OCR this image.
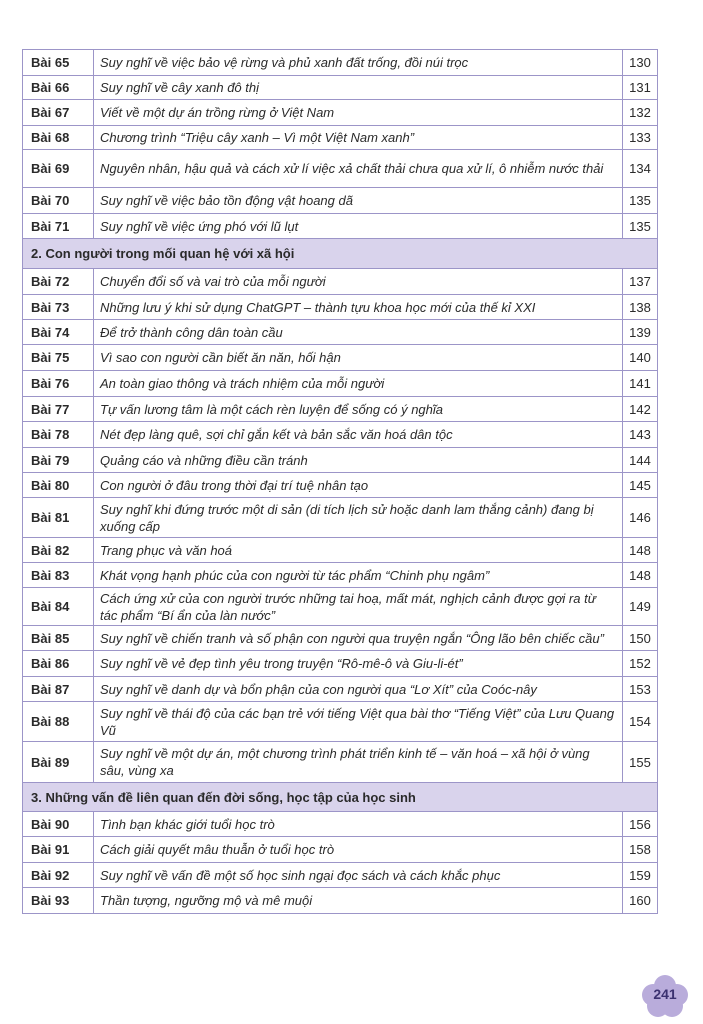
Bài 65	Suy nghĩ về việc bảo vệ rừng và phủ xanh đất trống, đồi núi trọc	130
Bài 66	Suy nghĩ về cây xanh đô thị	131
Bài 67	Viết về một dự án trồng rừng ở Việt Nam	132
Bài 68	Chương trình “Triệu cây xanh – Vì một Việt Nam xanh”	133
Bài 69	Nguyên nhân, hậu quả và cách xử lí việc xả chất thải chưa qua xử lí, ô nhiễm nước thải	134
Bài 70	Suy nghĩ về việc bảo tồn động vật hoang dã	135
Bài 71	Suy nghĩ về việc ứng phó với lũ lụt	135
2. Con người trong mối quan hệ với xã hội		
Bài 72	Chuyển đổi số và vai trò của mỗi người	137
Bài 73	Những lưu ý khi sử dụng ChatGPT – thành tựu khoa học mới của thế kỉ XXI	138
Bài 74	Để trở thành công dân toàn cầu	139
Bài 75	Vì sao con người cần biết ăn năn, hối hận	140
Bài 76	An toàn giao thông và trách nhiệm của mỗi người	141
Bài 77	Tự vấn lương tâm là một cách rèn luyện để sống có ý nghĩa	142
Bài 78	Nét đẹp làng quê, sợi chỉ gắn kết và bản sắc văn hoá dân tộc	143
Bài 79	Quảng cáo và những điều cần tránh	144
Bài 80	Con người ở đâu trong thời đại trí tuệ nhân tạo	145
Bài 81	Suy nghĩ khi đứng trước một di sản (di tích lịch sử hoặc danh lam thắng cảnh) đang bị xuống cấp	146
Bài 82	Trang phục và văn hoá	148
Bài 83	Khát vọng hạnh phúc của con người từ tác phẩm “Chinh phụ ngâm”	148
Bài 84	Cách ứng xử của con người trước những tai hoạ, mất mát, nghịch cảnh được gợi ra từ tác phẩm “Bí ẩn của làn nước”	149
Bài 85	Suy nghĩ về chiến tranh và số phận con người qua truyện ngắn “Ông lão bên chiếc cầu”	150
Bài 86	Suy nghĩ về vẻ đẹp tình yêu trong truyện “Rô-mê-ô và Giu-li-ét”	152
Bài 87	Suy nghĩ về danh dự và bổn phận của con người qua “Lơ Xít” của Coóc-nây	153
Bài 88	Suy nghĩ về thái độ của các bạn trẻ với tiếng Việt qua bài thơ “Tiếng Việt” của Lưu Quang Vũ	154
Bài 89	Suy nghĩ về một dự án, một chương trình phát triển kinh tế – văn hoá – xã hội ở vùng sâu, vùng xa	155
3. Những vấn đề liên quan đến đời sống, học tập của học sinh		
Bài 90	Tình bạn khác giới tuổi học trò	156
Bài 91	Cách giải quyết mâu thuẫn ở tuổi học trò	158
Bài 92	Suy nghĩ về vấn đề một số học sinh ngại đọc sách và cách khắc phục	159
Bài 93	Thần tượng, ngưỡng mộ và mê muội	160
241
